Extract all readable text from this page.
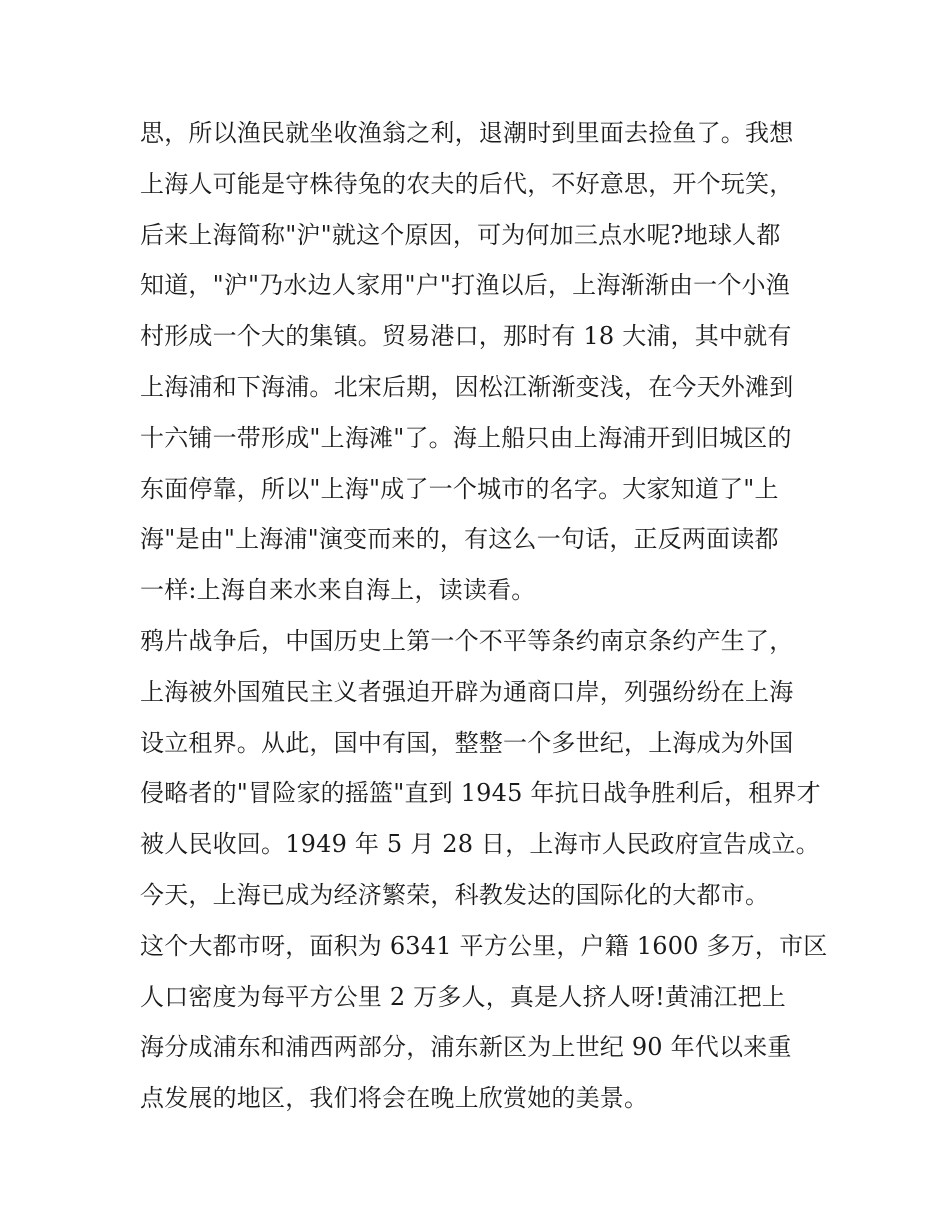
思，所以渔民就坐收渔翁之利，退潮时到里面去捡鱼了。我想
上海人可能是守株待兔的农夫的后代，不好意思，开个玩笑，
后来上海简称"沪"就这个原因，可为何加三点水呢?地球人都
知道，"沪"乃水边人家用"户"打渔以后，上海渐渐由一个小渔
村形成一个大的集镇。贸易港口，那时有 18 大浦，其中就有
上海浦和下海浦。北宋后期，因松江渐渐变浅，在今天外滩到
十六铺一带形成"上海滩"了。海上船只由上海浦开到旧城区的
东面停靠，所以"上海"成了一个城市的名字。大家知道了"上
海"是由"上海浦"演变而来的，有这么一句话，正反两面读都
一样:上海自来水来自海上，读读看。
鸦片战争后，中国历史上第一个不平等条约南京条约产生了，
上海被外国殖民主义者强迫开辟为通商口岸，列强纷纷在上海
设立租界。从此，国中有国，整整一个多世纪，上海成为外国
侵略者的"冒险家的摇篮"直到 1945 年抗日战争胜利后，租界才
被人民收回。1949 年 5 月 28 日，上海市人民政府宣告成立。
今天，上海已成为经济繁荣，科教发达的国际化的大都市。
这个大都市呀，面积为 6341 平方公里，户籍 1600 多万，市区
人口密度为每平方公里 2 万多人，真是人挤人呀!黄浦江把上
海分成浦东和浦西两部分，浦东新区为上世纪 90 年代以来重
点发展的地区，我们将会在晚上欣赏她的美景。
